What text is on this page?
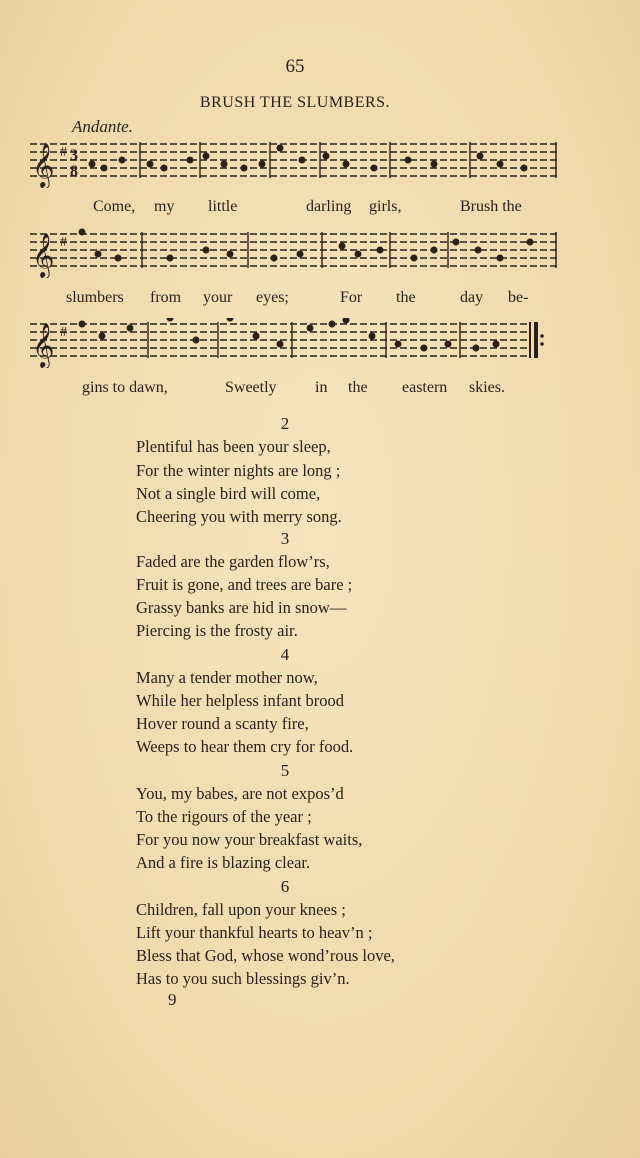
65
BRUSH THE SLUMBERS.
Andante.
𝄞 # 3
8
Come, my little	darling girls,	Brush the
𝄞 #
slumbers from your eyes;	For the	day be-
𝄞 #
gins to dawn,	Sweetly in the eastern skies.
2
Plentiful has been your sleep,
For the winter nights are long ;
Not a single bird will come,
Cheering you with merry song.
3
Faded are the garden flow’rs,
Fruit is gone, and trees are bare ;
Grassy banks are hid in snow—
Piercing is the frosty air.
4
Many a tender mother now,
While her helpless infant brood
Hover round a scanty fire,
Weeps to hear them cry for food.
5
You, my babes, are not expos’d
To the rigours of the year ;
For you now your breakfast waits,
And a fire is blazing clear.
6
Children, fall upon your knees ;
Lift your thankful hearts to heav’n ;
Bless that God, whose wond’rous love,
Has to you such blessings giv’n.
9
